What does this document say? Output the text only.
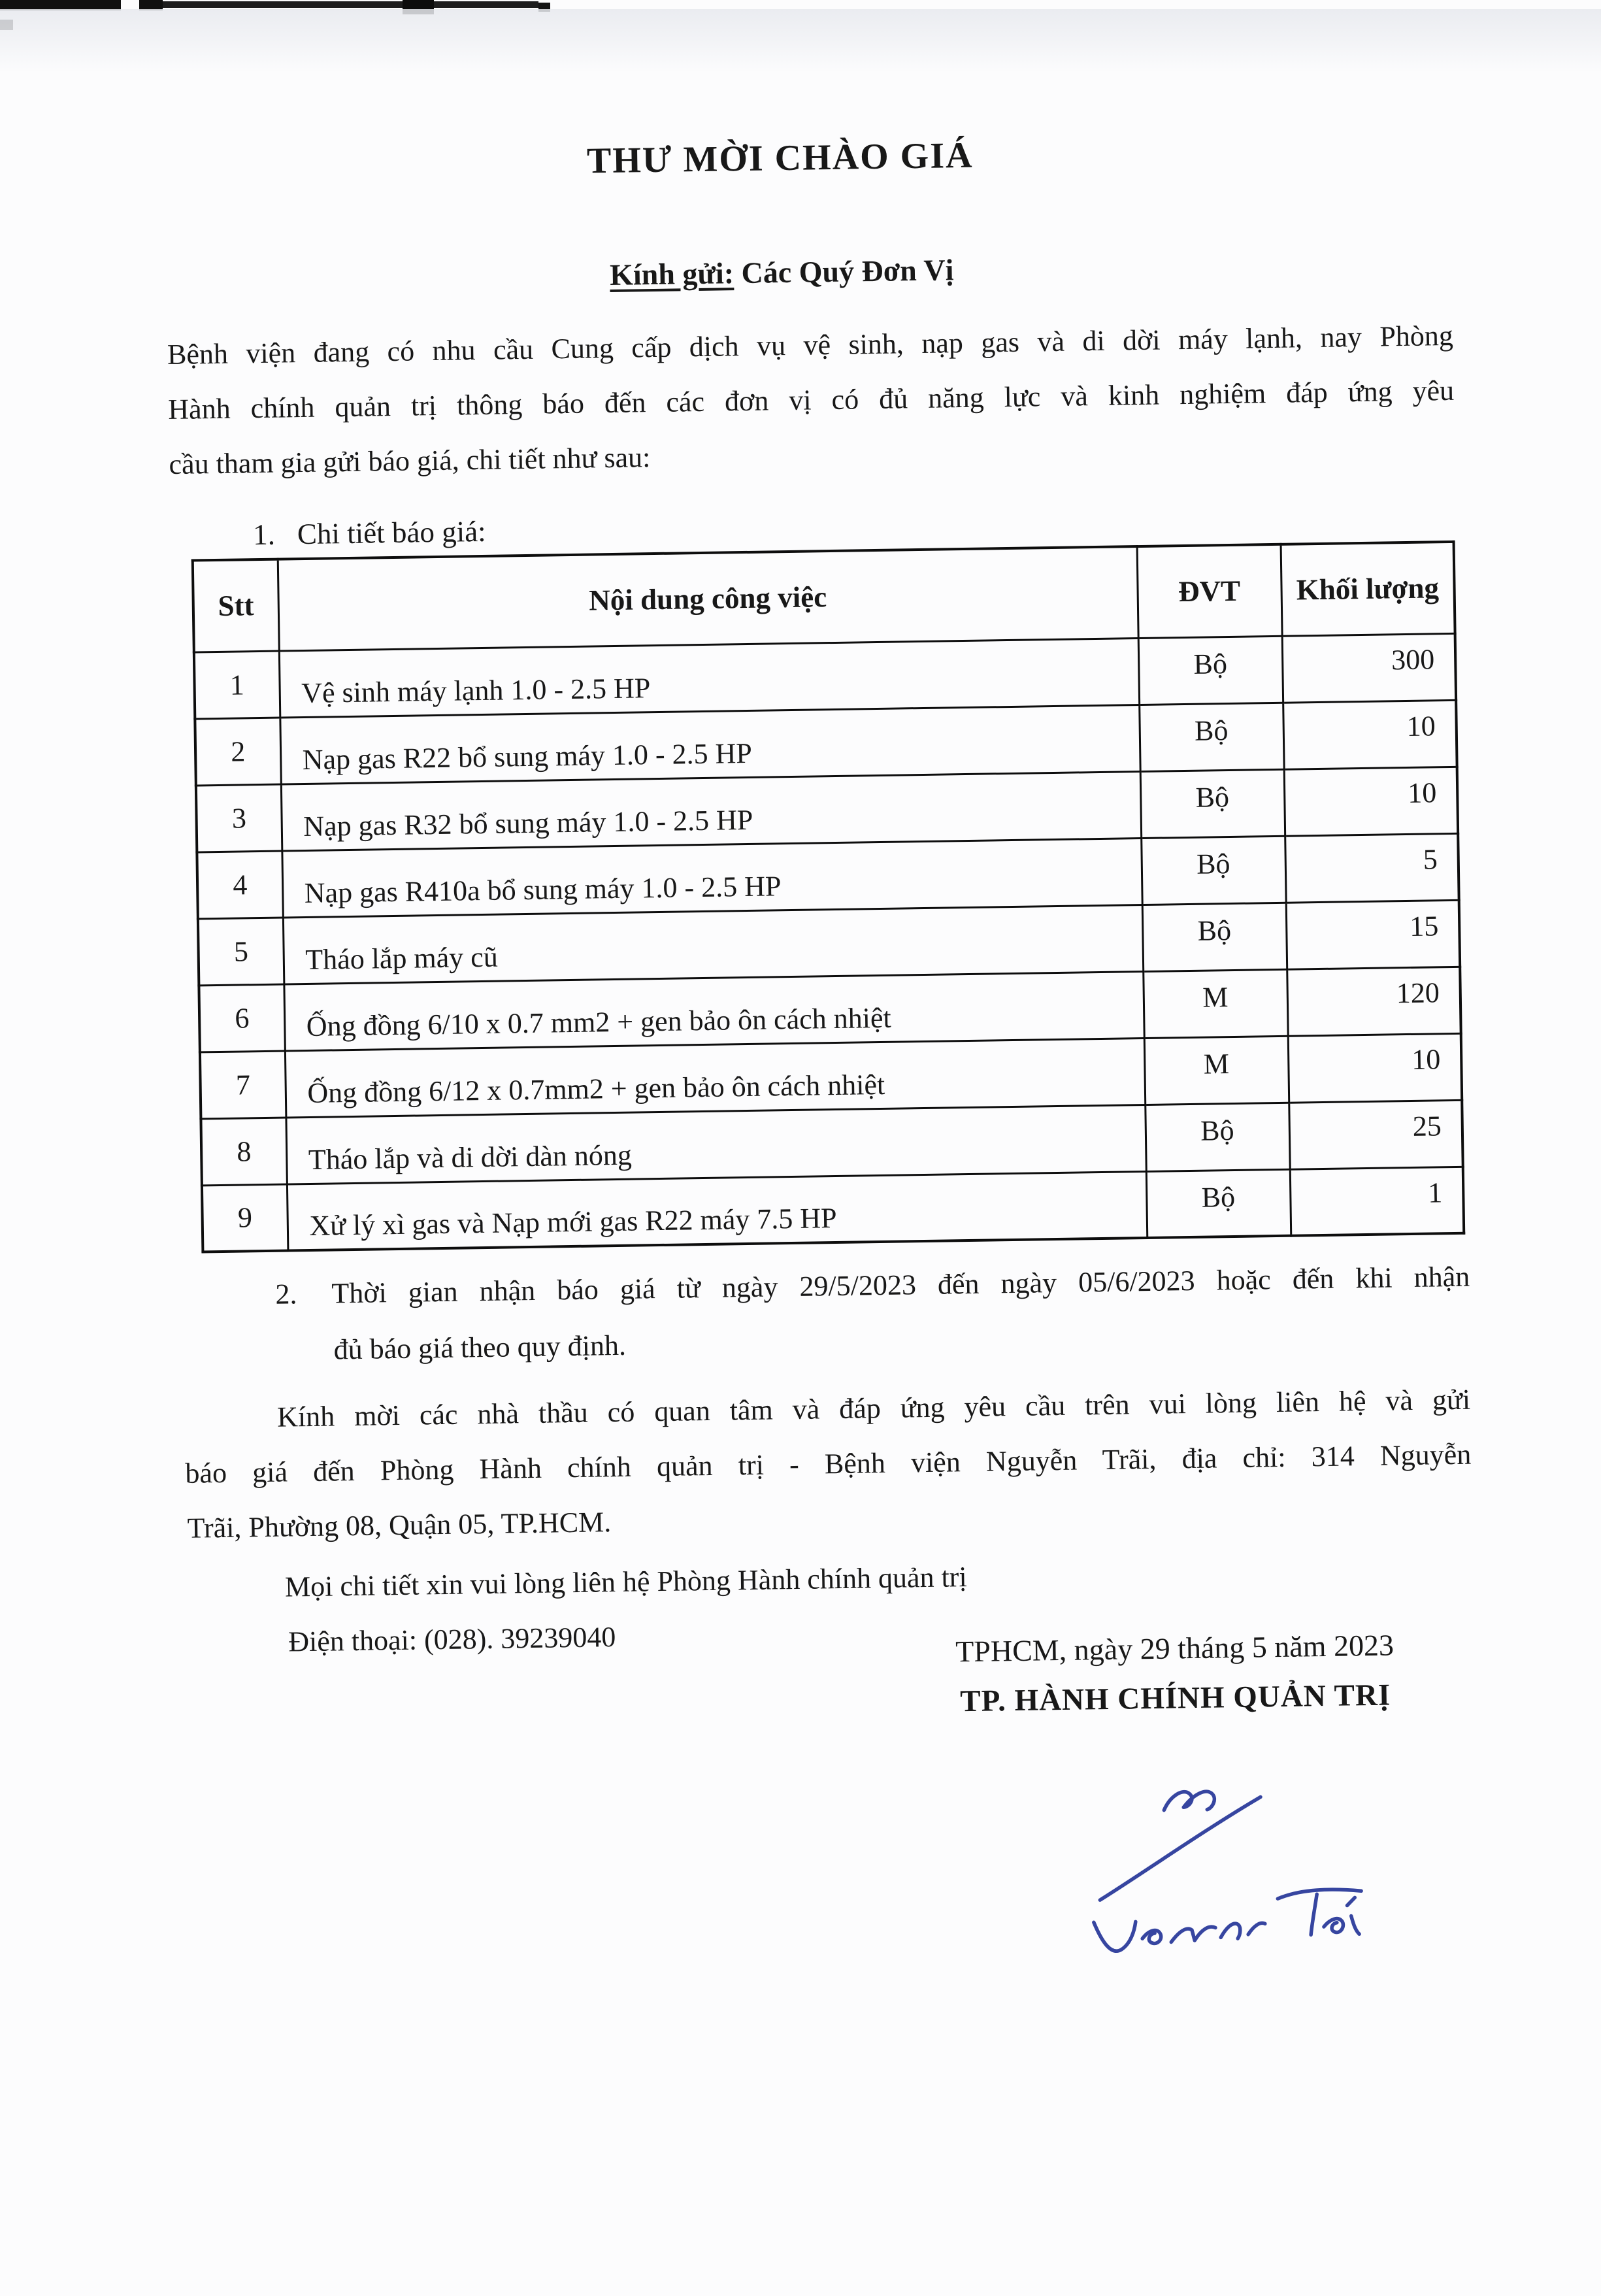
THƯ MỜI CHÀO GIÁ
Kính gửi: Các Quý Đơn Vị
Bệnh viện đang có nhu cầu Cung cấp dịch vụ vệ sinh, nạp gas và di dời máy lạnh, nay Phòng
Hành chính quản trị thông báo đến các đơn vị có đủ năng lực và kinh nghiệm đáp ứng yêu
cầu tham gia gửi báo giá, chi tiết như sau:
1. Chi tiết báo giá:
Stt	Nội dung công việc	ĐVT	Khối lượng
1	Vệ sinh máy lạnh 1.0 - 2.5 HP	Bộ	300
2	Nạp gas R22 bổ sung máy 1.0 - 2.5 HP	Bộ	10
3	Nạp gas R32 bổ sung máy 1.0 - 2.5 HP	Bộ	10
4	Nạp gas R410a bổ sung máy 1.0 - 2.5 HP	Bộ	5
5	Tháo lắp máy cũ	Bộ	15
6	Ống đồng 6/10 x 0.7 mm2 + gen bảo ôn cách nhiệt	M	120
7	Ống đồng 6/12 x 0.7mm2 + gen bảo ôn cách nhiệt	M	10
8	Tháo lắp và di dời dàn nóng	Bộ	25
9	Xử lý xì gas và Nạp mới gas R22 máy 7.5 HP	Bộ	1
2. Thời gian nhận báo giá từ ngày 29/5/2023 đến ngày 05/6/2023 hoặc đến khi nhận
đủ báo giá theo quy định.
Kính mời các nhà thầu có quan tâm và đáp ứng yêu cầu trên vui lòng liên hệ và gửi
báo giá đến Phòng Hành chính quản trị - Bệnh viện Nguyễn Trãi, địa chỉ: 314 Nguyễn
Trãi, Phường 08, Quận 05, TP.HCM.
Mọi chi tiết xin vui lòng liên hệ Phòng Hành chính quản trị
Điện thoại: (028). 39239040	TPHCM, ngày 29 tháng 5 năm 2023
TP. HÀNH CHÍNH QUẢN TRỊ
